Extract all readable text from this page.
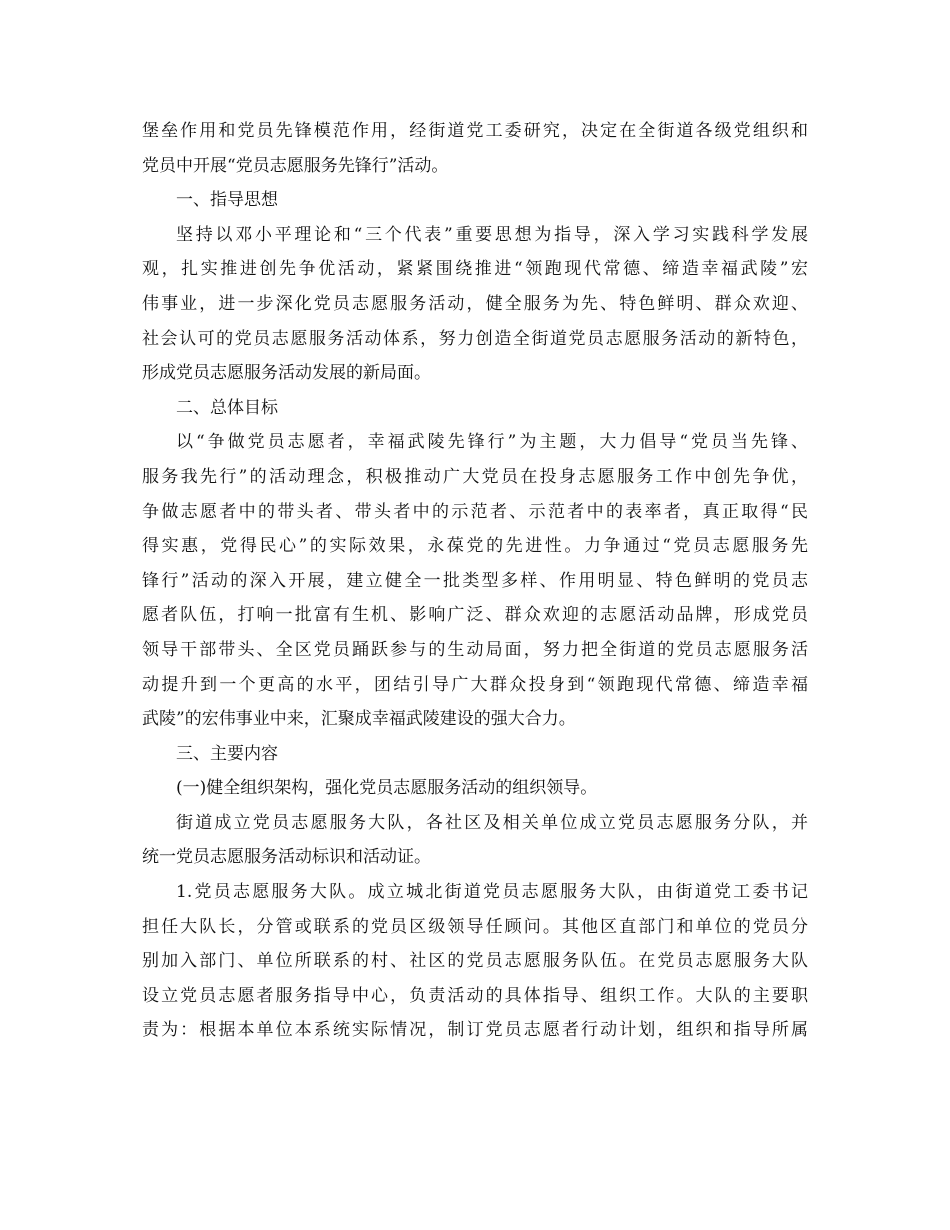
堡垒作用和党员先锋模范作用，经街道党工委研究，决定在全街道各级党组织和
党员中开展“党员志愿服务先锋行”活动。
一、指导思想
坚持以邓小平理论和“三个代表”重要思想为指导，深入学习实践科学发展
观，扎实推进创先争优活动，紧紧围绕推进“领跑现代常德、缔造幸福武陵”宏
伟事业，进一步深化党员志愿服务活动，健全服务为先、特色鲜明、群众欢迎、
社会认可的党员志愿服务活动体系，努力创造全街道党员志愿服务活动的新特色，
形成党员志愿服务活动发展的新局面。
二、总体目标
以“争做党员志愿者，幸福武陵先锋行”为主题，大力倡导“党员当先锋、
服务我先行”的活动理念，积极推动广大党员在投身志愿服务工作中创先争优，
争做志愿者中的带头者、带头者中的示范者、示范者中的表率者，真正取得“民
得实惠，党得民心”的实际效果，永葆党的先进性。力争通过“党员志愿服务先
锋行”活动的深入开展，建立健全一批类型多样、作用明显、特色鲜明的党员志
愿者队伍，打响一批富有生机、影响广泛、群众欢迎的志愿活动品牌，形成党员
领导干部带头、全区党员踊跃参与的生动局面，努力把全街道的党员志愿服务活
动提升到一个更高的水平，团结引导广大群众投身到“领跑现代常德、缔造幸福
武陵”的宏伟事业中来，汇聚成幸福武陵建设的强大合力。
三、主要内容
(一)健全组织架构，强化党员志愿服务活动的组织领导。
街道成立党员志愿服务大队，各社区及相关单位成立党员志愿服务分队，并
统一党员志愿服务活动标识和活动证。
1.党员志愿服务大队。成立城北街道党员志愿服务大队，由街道党工委书记
担任大队长，分管或联系的党员区级领导任顾问。其他区直部门和单位的党员分
别加入部门、单位所联系的村、社区的党员志愿服务队伍。在党员志愿服务大队
设立党员志愿者服务指导中心，负责活动的具体指导、组织工作。大队的主要职
责为：根据本单位本系统实际情况，制订党员志愿者行动计划，组织和指导所属
